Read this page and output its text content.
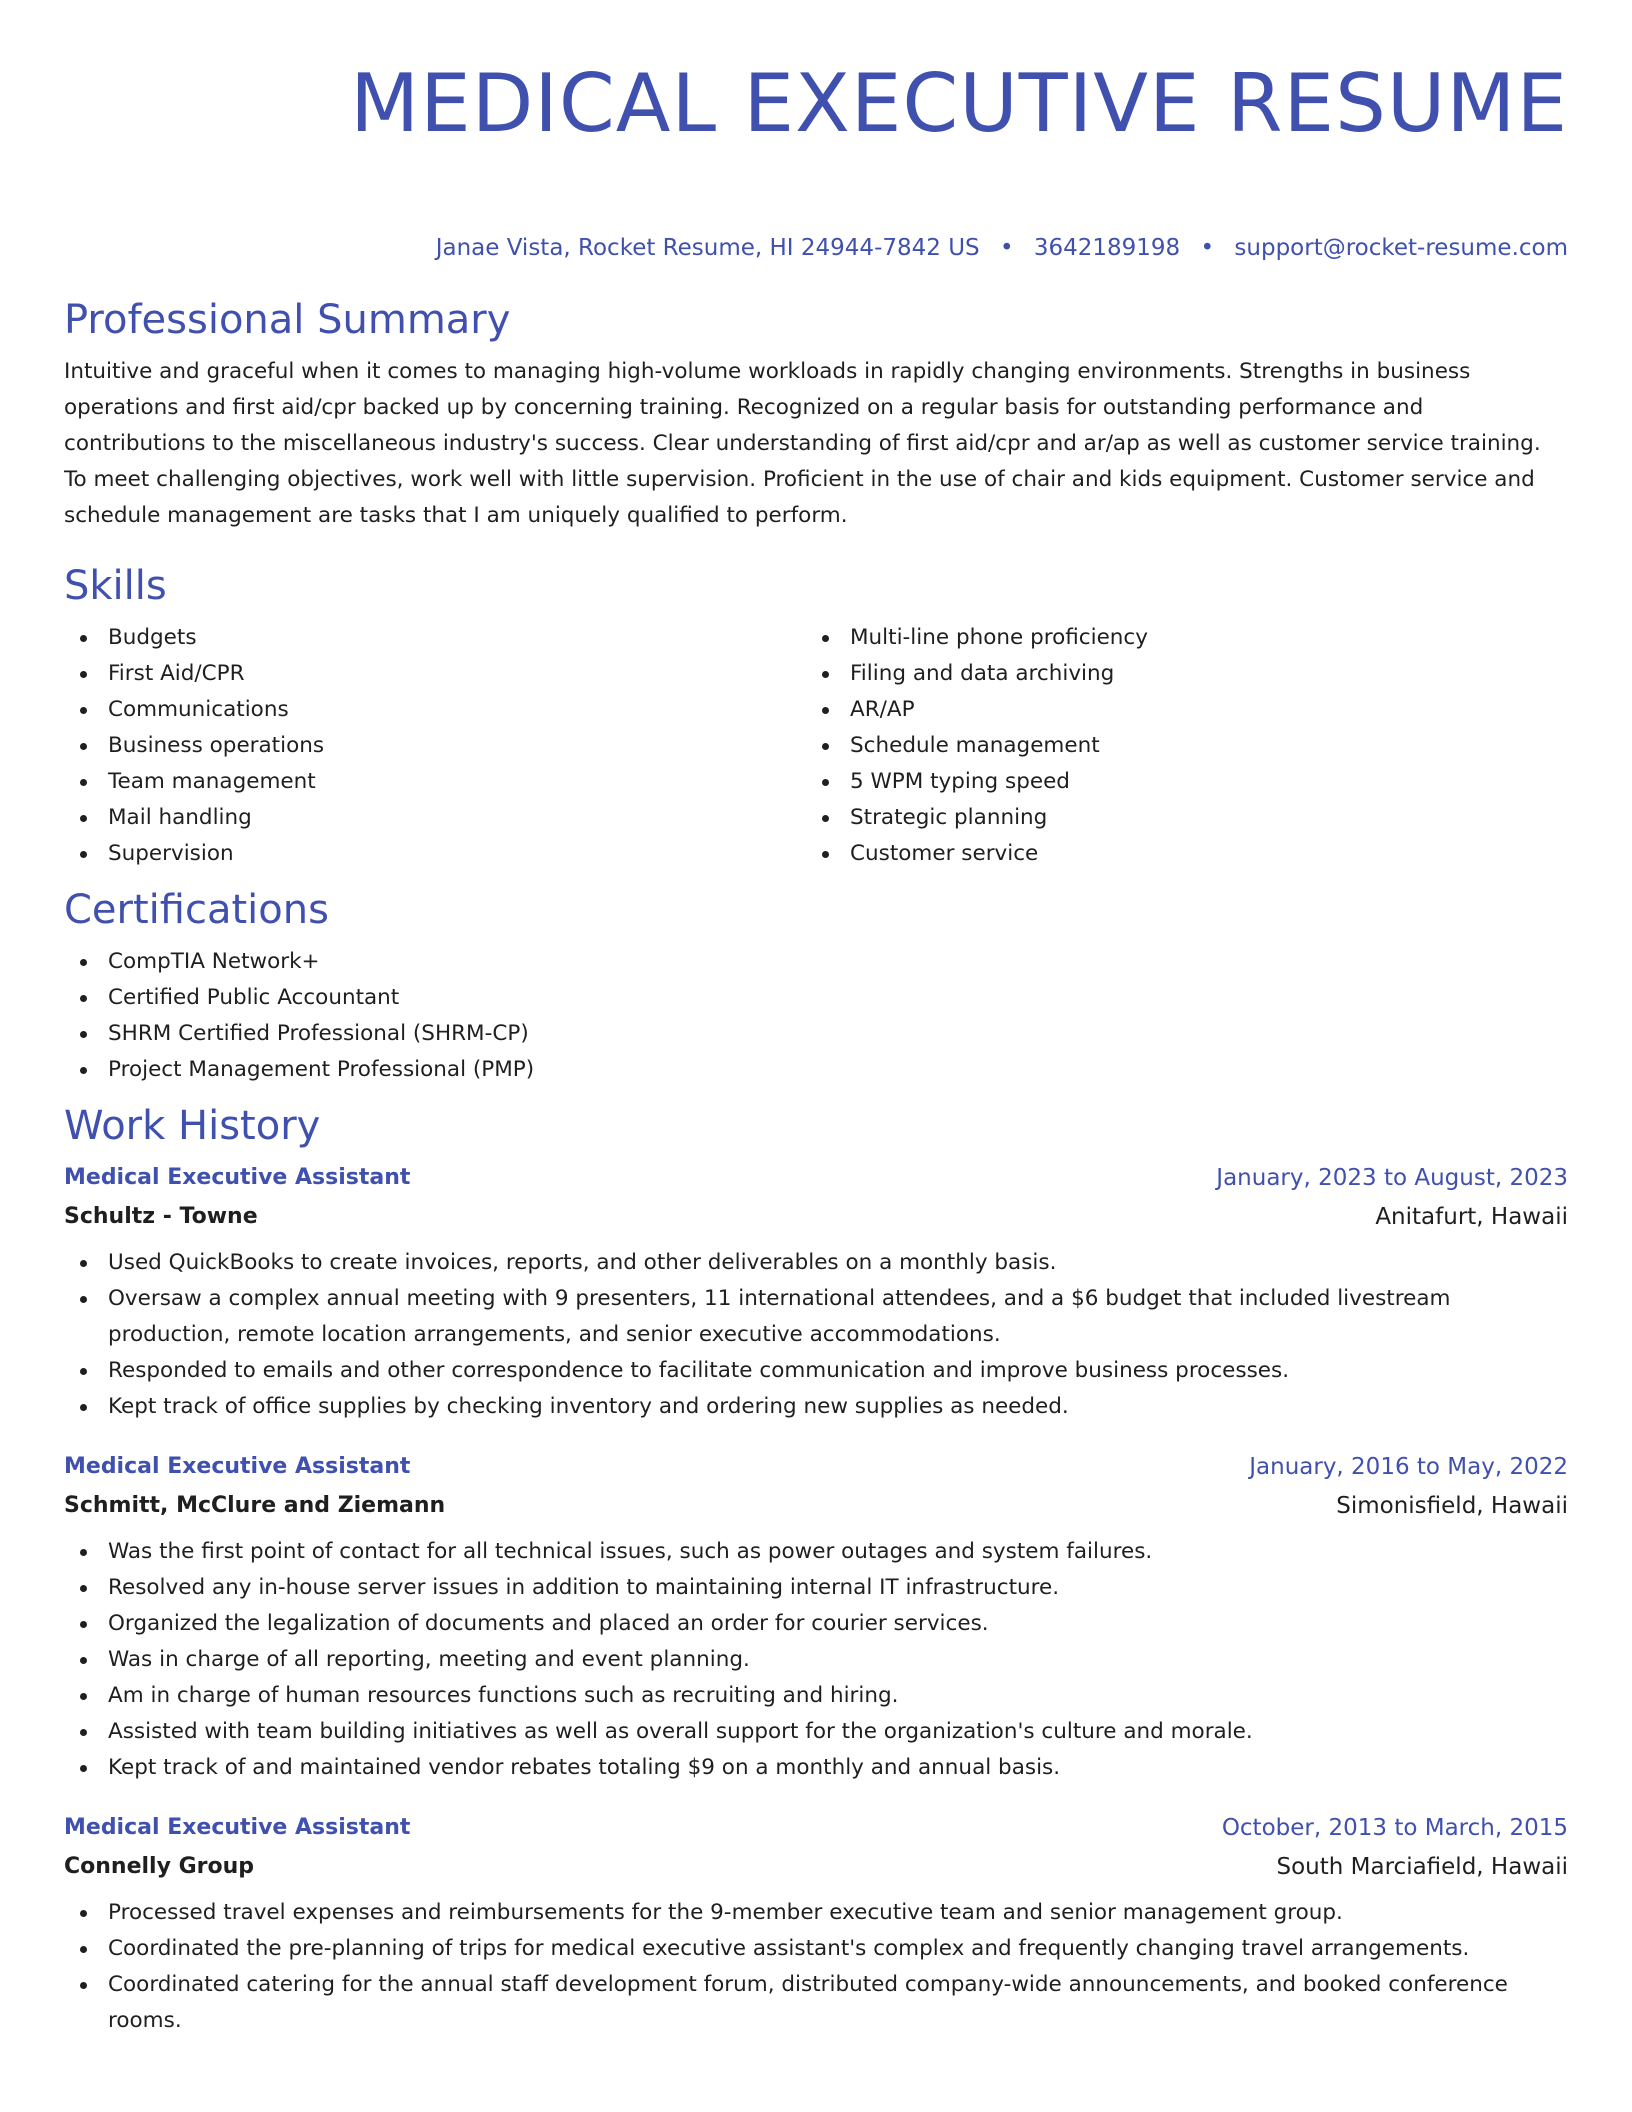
MEDICAL EXECUTIVE RESUME
Janae Vista, Rocket Resume, HI 24944-7842 US • 3642189198 • support@rocket-resume.com
Professional Summary

Intuitive and graceful when it comes to managing high-volume workloads in rapidly changing environments. Strengths in business operations and first aid/cpr backed up by concerning training. Recognized on a regular basis for outstanding performance and contributions to the miscellaneous industry's success. Clear understanding of first aid/cpr and ar/ap as well as customer service training. To meet challenging objectives, work well with little supervision. Proficient in the use of chair and kids equipment. Customer service and schedule management are tasks that I am uniquely qualified to perform.

Skills
Budgets
First Aid/CPR
Communications
Business operations
Team management
Mail handling
Supervision
Multi-line phone proficiency
Filing and data archiving
AR/AP
Schedule management
5 WPM typing speed
Strategic planning
Customer service
Certifications
CompTIA Network+
Certified Public Accountant
SHRM Certified Professional (SHRM-CP)
Project Management Professional (PMP)
Work History
Medical Executive Assistant	January, 2023 to August, 2023
Schultz - Towne	Anitafurt, Hawaii
Used QuickBooks to create invoices, reports, and other deliverables on a monthly basis.
Oversaw a complex annual meeting with 9 presenters, 11 international attendees, and a $6 budget that included livestream production, remote location arrangements, and senior executive accommodations.
Responded to emails and other correspondence to facilitate communication and improve business processes.
Kept track of office supplies by checking inventory and ordering new supplies as needed.
Medical Executive Assistant	January, 2016 to May, 2022
Schmitt, McClure and Ziemann	Simonisfield, Hawaii
Was the first point of contact for all technical issues, such as power outages and system failures.
Resolved any in-house server issues in addition to maintaining internal IT infrastructure.
Organized the legalization of documents and placed an order for courier services.
Was in charge of all reporting, meeting and event planning.
Am in charge of human resources functions such as recruiting and hiring.
Assisted with team building initiatives as well as overall support for the organization's culture and morale.
Kept track of and maintained vendor rebates totaling $9 on a monthly and annual basis.
Medical Executive Assistant	October, 2013 to March, 2015
Connelly Group	South Marciafield, Hawaii
Processed travel expenses and reimbursements for the 9-member executive team and senior management group.
Coordinated the pre-planning of trips for medical executive assistant's complex and frequently changing travel arrangements.
Coordinated catering for the annual staff development forum, distributed company-wide announcements, and booked conference rooms.
